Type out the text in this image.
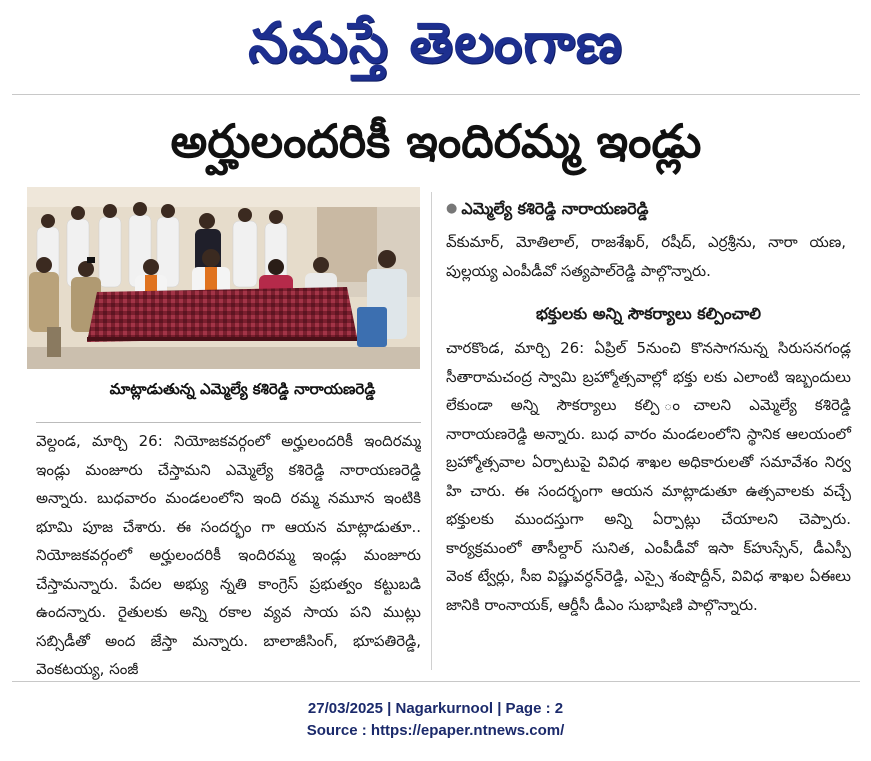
నమస్తే తెలంగాణ
అర్హులందరికీ ఇందిరమ్మ ఇండ్లు
మాట్లాడుతున్న ఎమ్మెల్యే కశిరెడ్డి నారాయణరెడ్డి

వెల్దండ, మార్చి 26: నియోజకవర్గంలో అర్హులందరికీ ఇందిరమ్మ ఇండ్లు మంజూరు చేస్తామని ఎమ్మెల్యే కశిరెడ్డి నారాయణరెడ్డి అన్నారు. బుధవారం మండలంలోని ఇంది రమ్మ నమూన ఇంటికి భూమి పూజ చేశారు. ఈ సందర్భం గా ఆయన మాట్లాడుతూ.. నియోజకవర్గంలో అర్హులందరికీ ఇందిరమ్మ ఇండ్లు మంజూరు చేస్తామన్నారు. పేదల అభ్యు న్నతి కాంగ్రెస్ ప్రభుత్వం కట్టుబడి ఉందన్నారు. రైతులకు అన్ని రకాల వ్యవ సాయ పని ముట్లు సబ్సిడీతో అంద జేస్తా మన్నారు. బాలాజీసింగ్, భూపతిరెడ్డి, వెంకటయ్య, సంజీ

● ఎమ్మెల్యే కశిరెడ్డి నారాయణరెడ్డి

వ్‌కుమార్, మోతిలాల్, రాజశేఖర్, రషీద్, ఎర్రశ్రీను, నారా యణ, పుల్లయ్య ఎంపీడీవో సత్యపాల్‌రెడ్డి పాల్గొన్నారు.

భక్తులకు అన్ని సౌకర్యాలు కల్పించాలి

చారకొండ, మార్చి 26: ఏప్రిల్ 5నుంచి కొనసాగనున్న సిరుసనగండ్ల సీతారామచంద్ర స్వామి బ్రహ్మోత్సవాల్లో భక్తు లకు ఎలాంటి ఇబ్బందులు లేకుండా అన్ని సౌకర్యాలు కల్పి ంచాలని ఎమ్మెల్యే కశిరెడ్డి నారాయణరెడ్డి అన్నారు. బుధ వారం మండలంలోని స్థానిక ఆలయంలో బ్రహ్మోత్సవాల ఏర్పాటుపై వివిధ శాఖల అధికారులతో సమావేశం నిర్వ హి చారు. ఈ సందర్భంగా ఆయన మాట్లాడుతూ ఉత్సవాలకు వచ్చే భక్తులకు ముందస్తుగా అన్ని ఏర్పాట్లు చేయాలని చెప్పారు. కార్యక్రమంలో తాసీల్దార్ సునిత, ఎంపీడీవో ఇసా క్‌హుస్సేన్, డీఎస్పీ వెంక ట్వేర్లు, సీఐ విష్ణువర్ధన్‌రెడ్డి, ఎస్సై శంషొద్దీన్, వివిధ శాఖల ఏఈలు జానికి రాంనాయక్, ఆర్డీసీ డీఎం సుభాషిణి పాల్గొన్నారు.

27/03/2025 | Nagarkurnool | Page : 2
Source : https://epaper.ntnews.com/
